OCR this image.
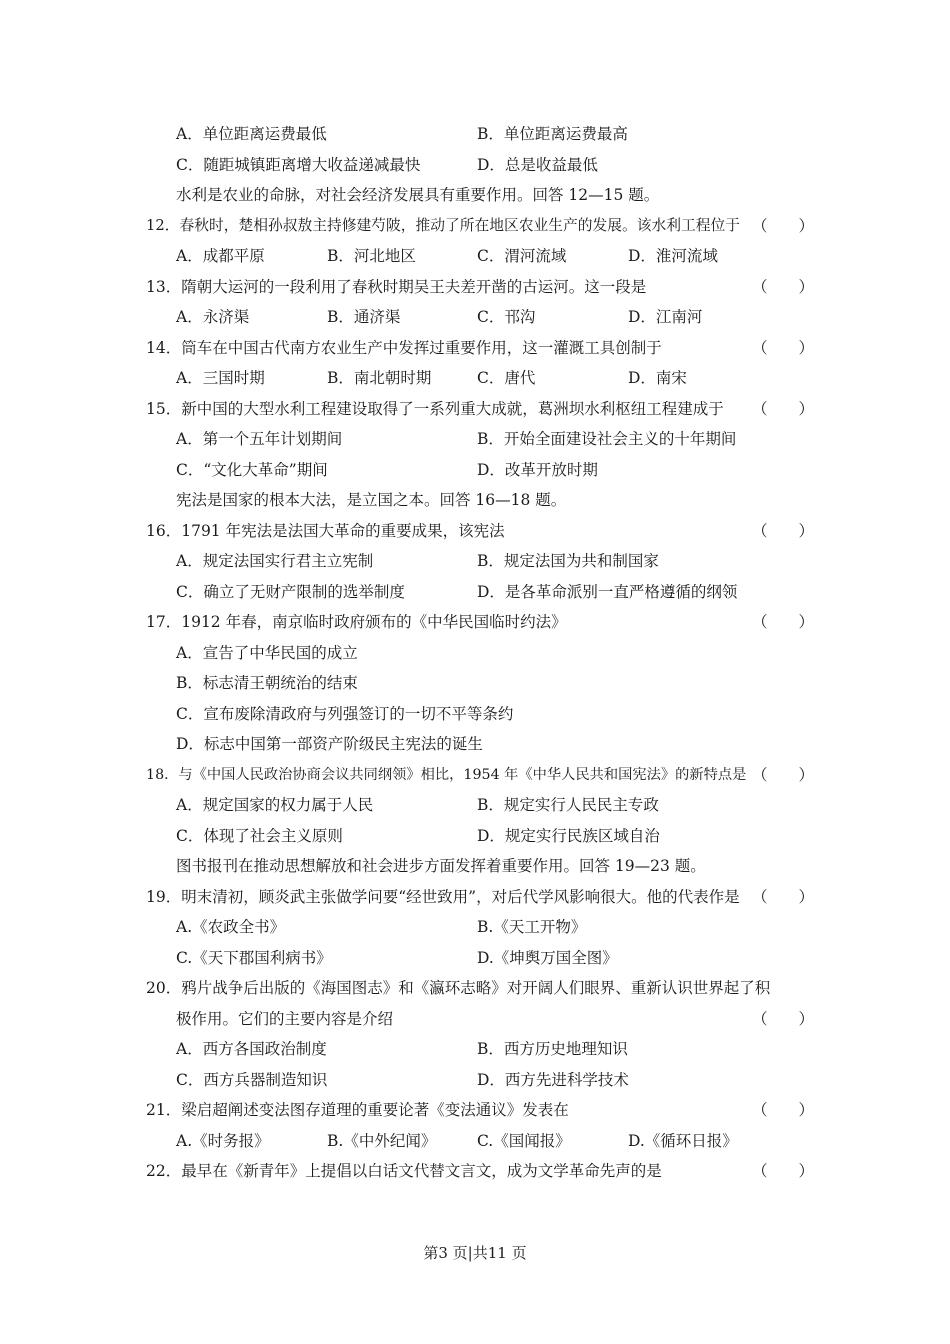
第3 页|共11 页
A．单位距离运费最低	B．单位距离运费最高
C．随距城镇距离增大收益递减最快	D．总是收益最低
水利是农业的命脉，对社会经济发展具有重要作用。回答 12—15 题。
12．春秋时，楚相孙叔敖主持修建芍陂，推动了所在地区农业生产的发展。该水利工程位于 （　　）
A．成都平原	B．河北地区	C．渭河流域	D．淮河流域
13．隋朝大运河的一段利用了春秋时期吴王夫差开凿的古运河。这一段是	（　　）
A．永济渠	B．通济渠	C．邗沟	D．江南河
14．筒车在中国古代南方农业生产中发挥过重要作用，这一灌溉工具创制于	（　　）
A．三国时期	B．南北朝时期	C．唐代	D．南宋
15．新中国的大型水利工程建设取得了一系列重大成就，葛洲坝水利枢纽工程建成于 （　　）
A．第一个五年计划期间	B．开始全面建设社会主义的十年期间
C．“文化大革命”期间	D．改革开放时期
宪法是国家的根本大法，是立国之本。回答 16—18 题。
16．1791 年宪法是法国大革命的重要成果，该宪法	（　　）
A．规定法国实行君主立宪制	B．规定法国为共和制国家
C．确立了无财产限制的选举制度	D．是各革命派别一直严格遵循的纲领
17．1912 年春，南京临时政府颁布的《中华民国临时约法》	（　　）
A．宣告了中华民国的成立
B．标志清王朝统治的结束
C．宣布废除清政府与列强签订的一切不平等条约
D．标志中国第一部资产阶级民主宪法的诞生
18．与《中国人民政治协商会议共同纲领》相比，1954 年《中华人民共和国宪法》的新特点是 （　　）
A．规定国家的权力属于人民	B．规定实行人民民主专政
C．体现了社会主义原则	D．规定实行民族区域自治
图书报刊在推动思想解放和社会进步方面发挥着重要作用。回答 19—23 题。
19．明末清初，顾炎武主张做学问要“经世致用”，对后代学风影响很大。他的代表作是 （　　）
A.《农政全书》	B.《天工开物》
C.《天下郡国利病书》	D.《坤舆万国全图》
20．鸦片战争后出版的《海国图志》和《瀛环志略》对开阔人们眼界、重新认识世界起了积
极作用。它们的主要内容是介绍	（　　）
A．西方各国政治制度	B．西方历史地理知识
C．西方兵器制造知识	D．西方先进科学技术
21．梁启超阐述变法图存道理的重要论著《变法通议》发表在	（　　）
A.《时务报》	B.《中外纪闻》	C.《国闻报》	D.《循环日报》
22．最早在《新青年》上提倡以白话文代替文言文，成为文学革命先声的是	（　　）
